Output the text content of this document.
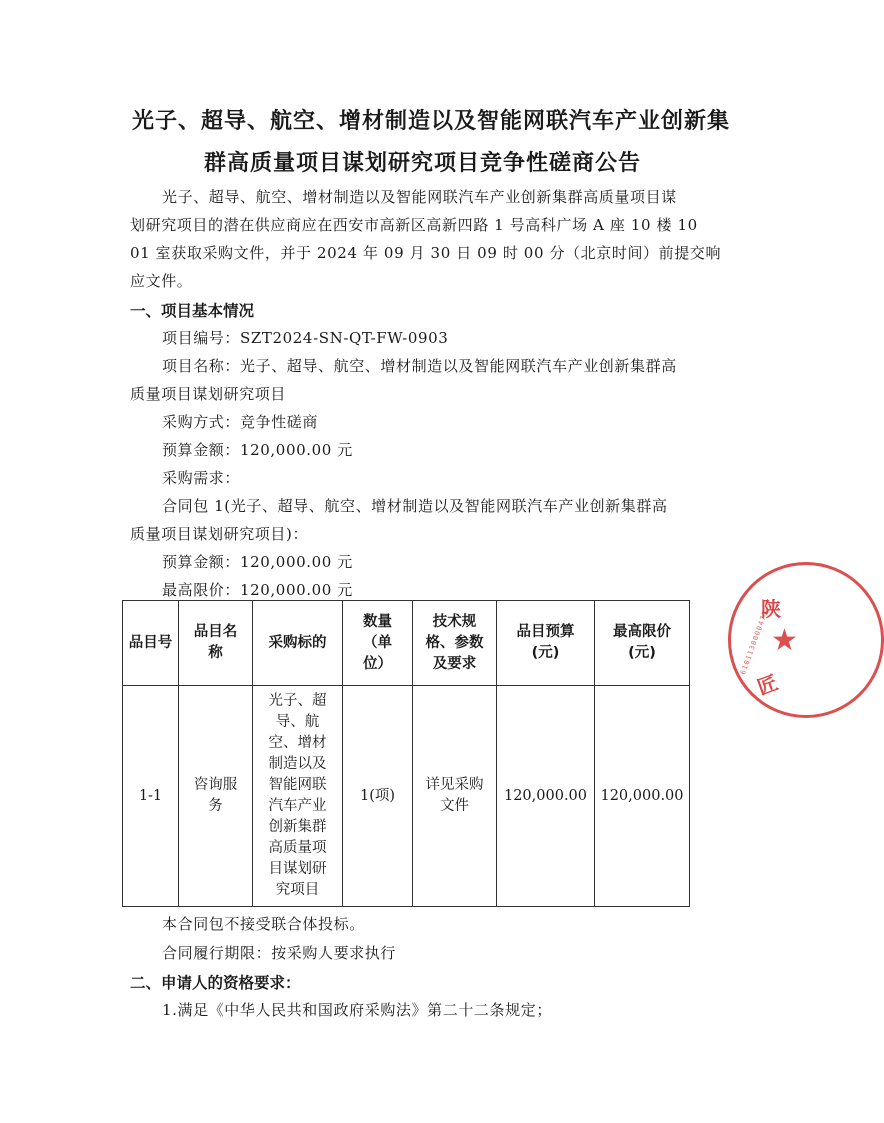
光子、超导、航空、增材制造以及智能网联汽车产业创新集
群高质量项目谋划研究项目竞争性磋商公告
光子、超导、航空、增材制造以及智能网联汽车产业创新集群高质量项目谋
划研究项目的潜在供应商应在西安市高新区高新四路 1 号高科广场 A 座 10 楼 10
01 室获取采购文件，并于 2024 年 09 月 30 日 09 时 00 分（北京时间）前提交响
应文件。
一、项目基本情况
项目编号：SZT2024-SN-QT-FW-0903
项目名称：光子、超导、航空、增材制造以及智能网联汽车产业创新集群高
质量项目谋划研究项目
采购方式：竞争性磋商
预算金额：120,000.00 元
采购需求：
合同包 1(光子、超导、航空、增材制造以及智能网联汽车产业创新集群高
质量项目谋划研究项目)：
预算金额：120,000.00 元
最高限价：120,000.00 元
品目号	品目名称	采购标的	数量（单位）	技术规格、参数及要求	品目预算(元)	最高限价(元)
1-1	咨询服务	光子、超导、航空、增材制造以及智能网联汽车产业创新集群高质量项目谋划研究项目	1(项)	详见采购文件	120,000.00	120,000.00
本合同包不接受联合体投标。
合同履行期限：按采购人要求执行
二、申请人的资格要求：
1.满足《中华人民共和国政府采购法》第二十二条规定；
陕
★
匠
6101130000471
